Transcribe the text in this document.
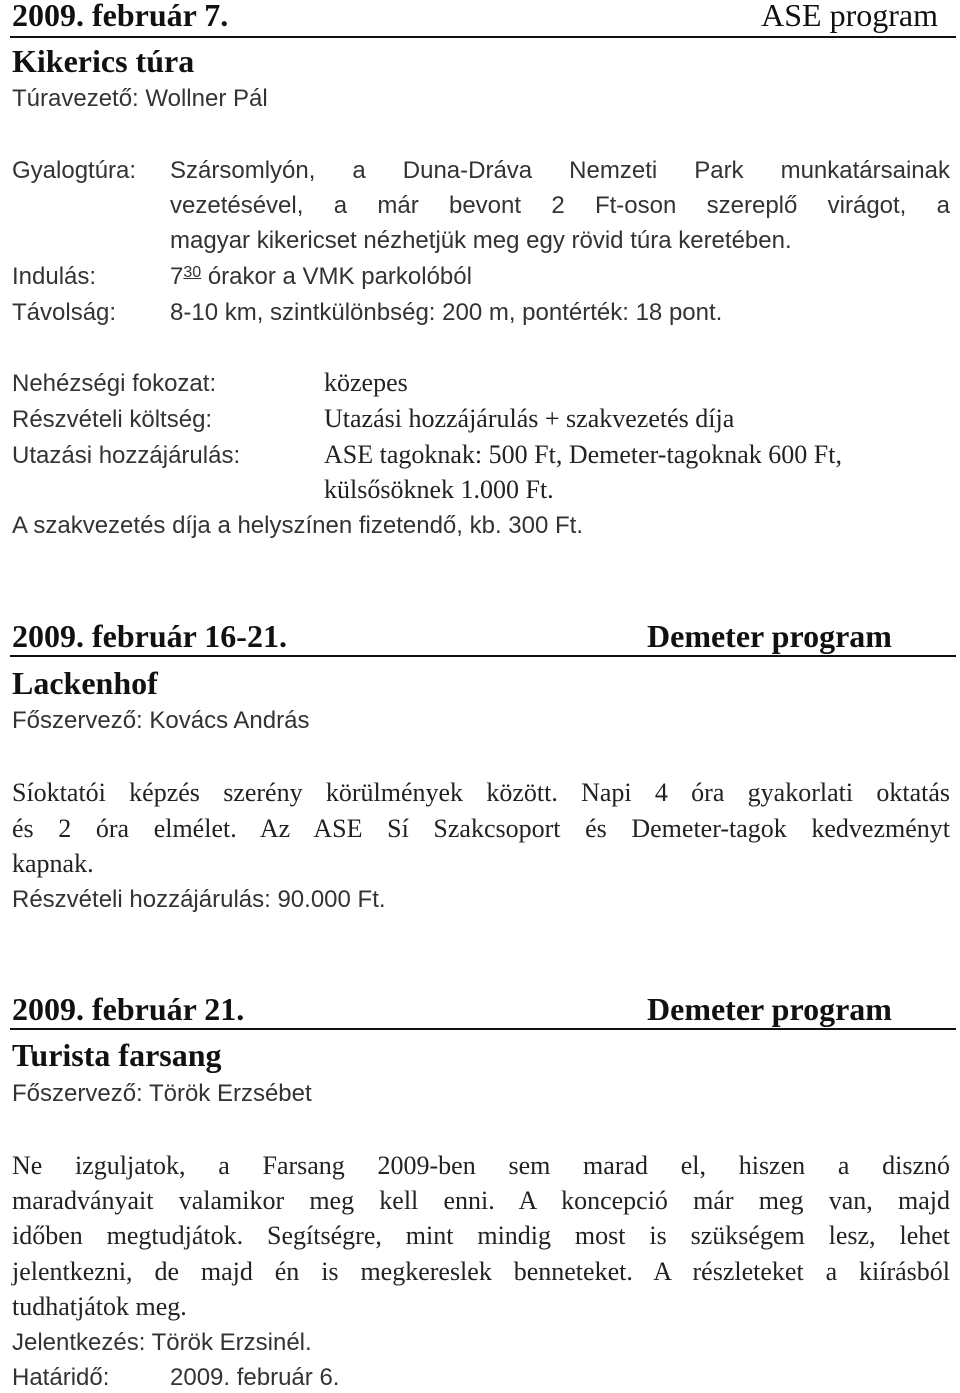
2009. február 7.	ASE program
Kikerics túra
Túravezető: Wollner Pál
Gyalogtúra: Szársomlyón, a Duna-Dráva Nemzeti Park munkatársainak
vezetésével, a már bevont 2 Ft-oson szereplő virágot, a
magyar kikericset nézhetjük meg egy rövid túra keretében.
Indulás:	$7^{30}$ órakor a VMK parkolóból
Távolság: 8-10 km, szintkülönbség: 200 m, pontérték: 18 pont.
Nehézségi fokozat:	közepes
Részvételi költség:	Utazási hozzájárulás + szakvezetés díja
Utazási hozzájárulás:	ASE tagoknak: 500 Ft, Demeter-tagoknak 600 Ft,
külsősöknek 1.000 Ft.
A szakvezetés díja a helyszínen fizetendő, kb. 300 Ft.
2009. február 16-21.	Demeter program
Lackenhof
Főszervező: Kovács András
Síoktatói képzés szerény körülmények között. Napi 4 óra gyakorlati oktatás
és 2 óra elmélet. Az ASE Sí Szakcsoport és Demeter-tagok kedvezményt
kapnak.
Részvételi hozzájárulás: 90.000 Ft.
2009. február 21.	Demeter program
Turista farsang
Főszervező: Török Erzsébet
Ne izguljatok, a Farsang 2009-ben sem marad el, hiszen a disznó
maradványait valamikor meg kell enni. A koncepció már meg van, majd
időben megtudjátok. Segítségre, mint mindig most is szükségem lesz, lehet
jelentkezni, de majd én is megkereslek benneteket. A részleteket a kiírásból
tudhatjátok meg.
Jelentkezés: Török Erzsinél.
Határidő:	2009. február 6.
